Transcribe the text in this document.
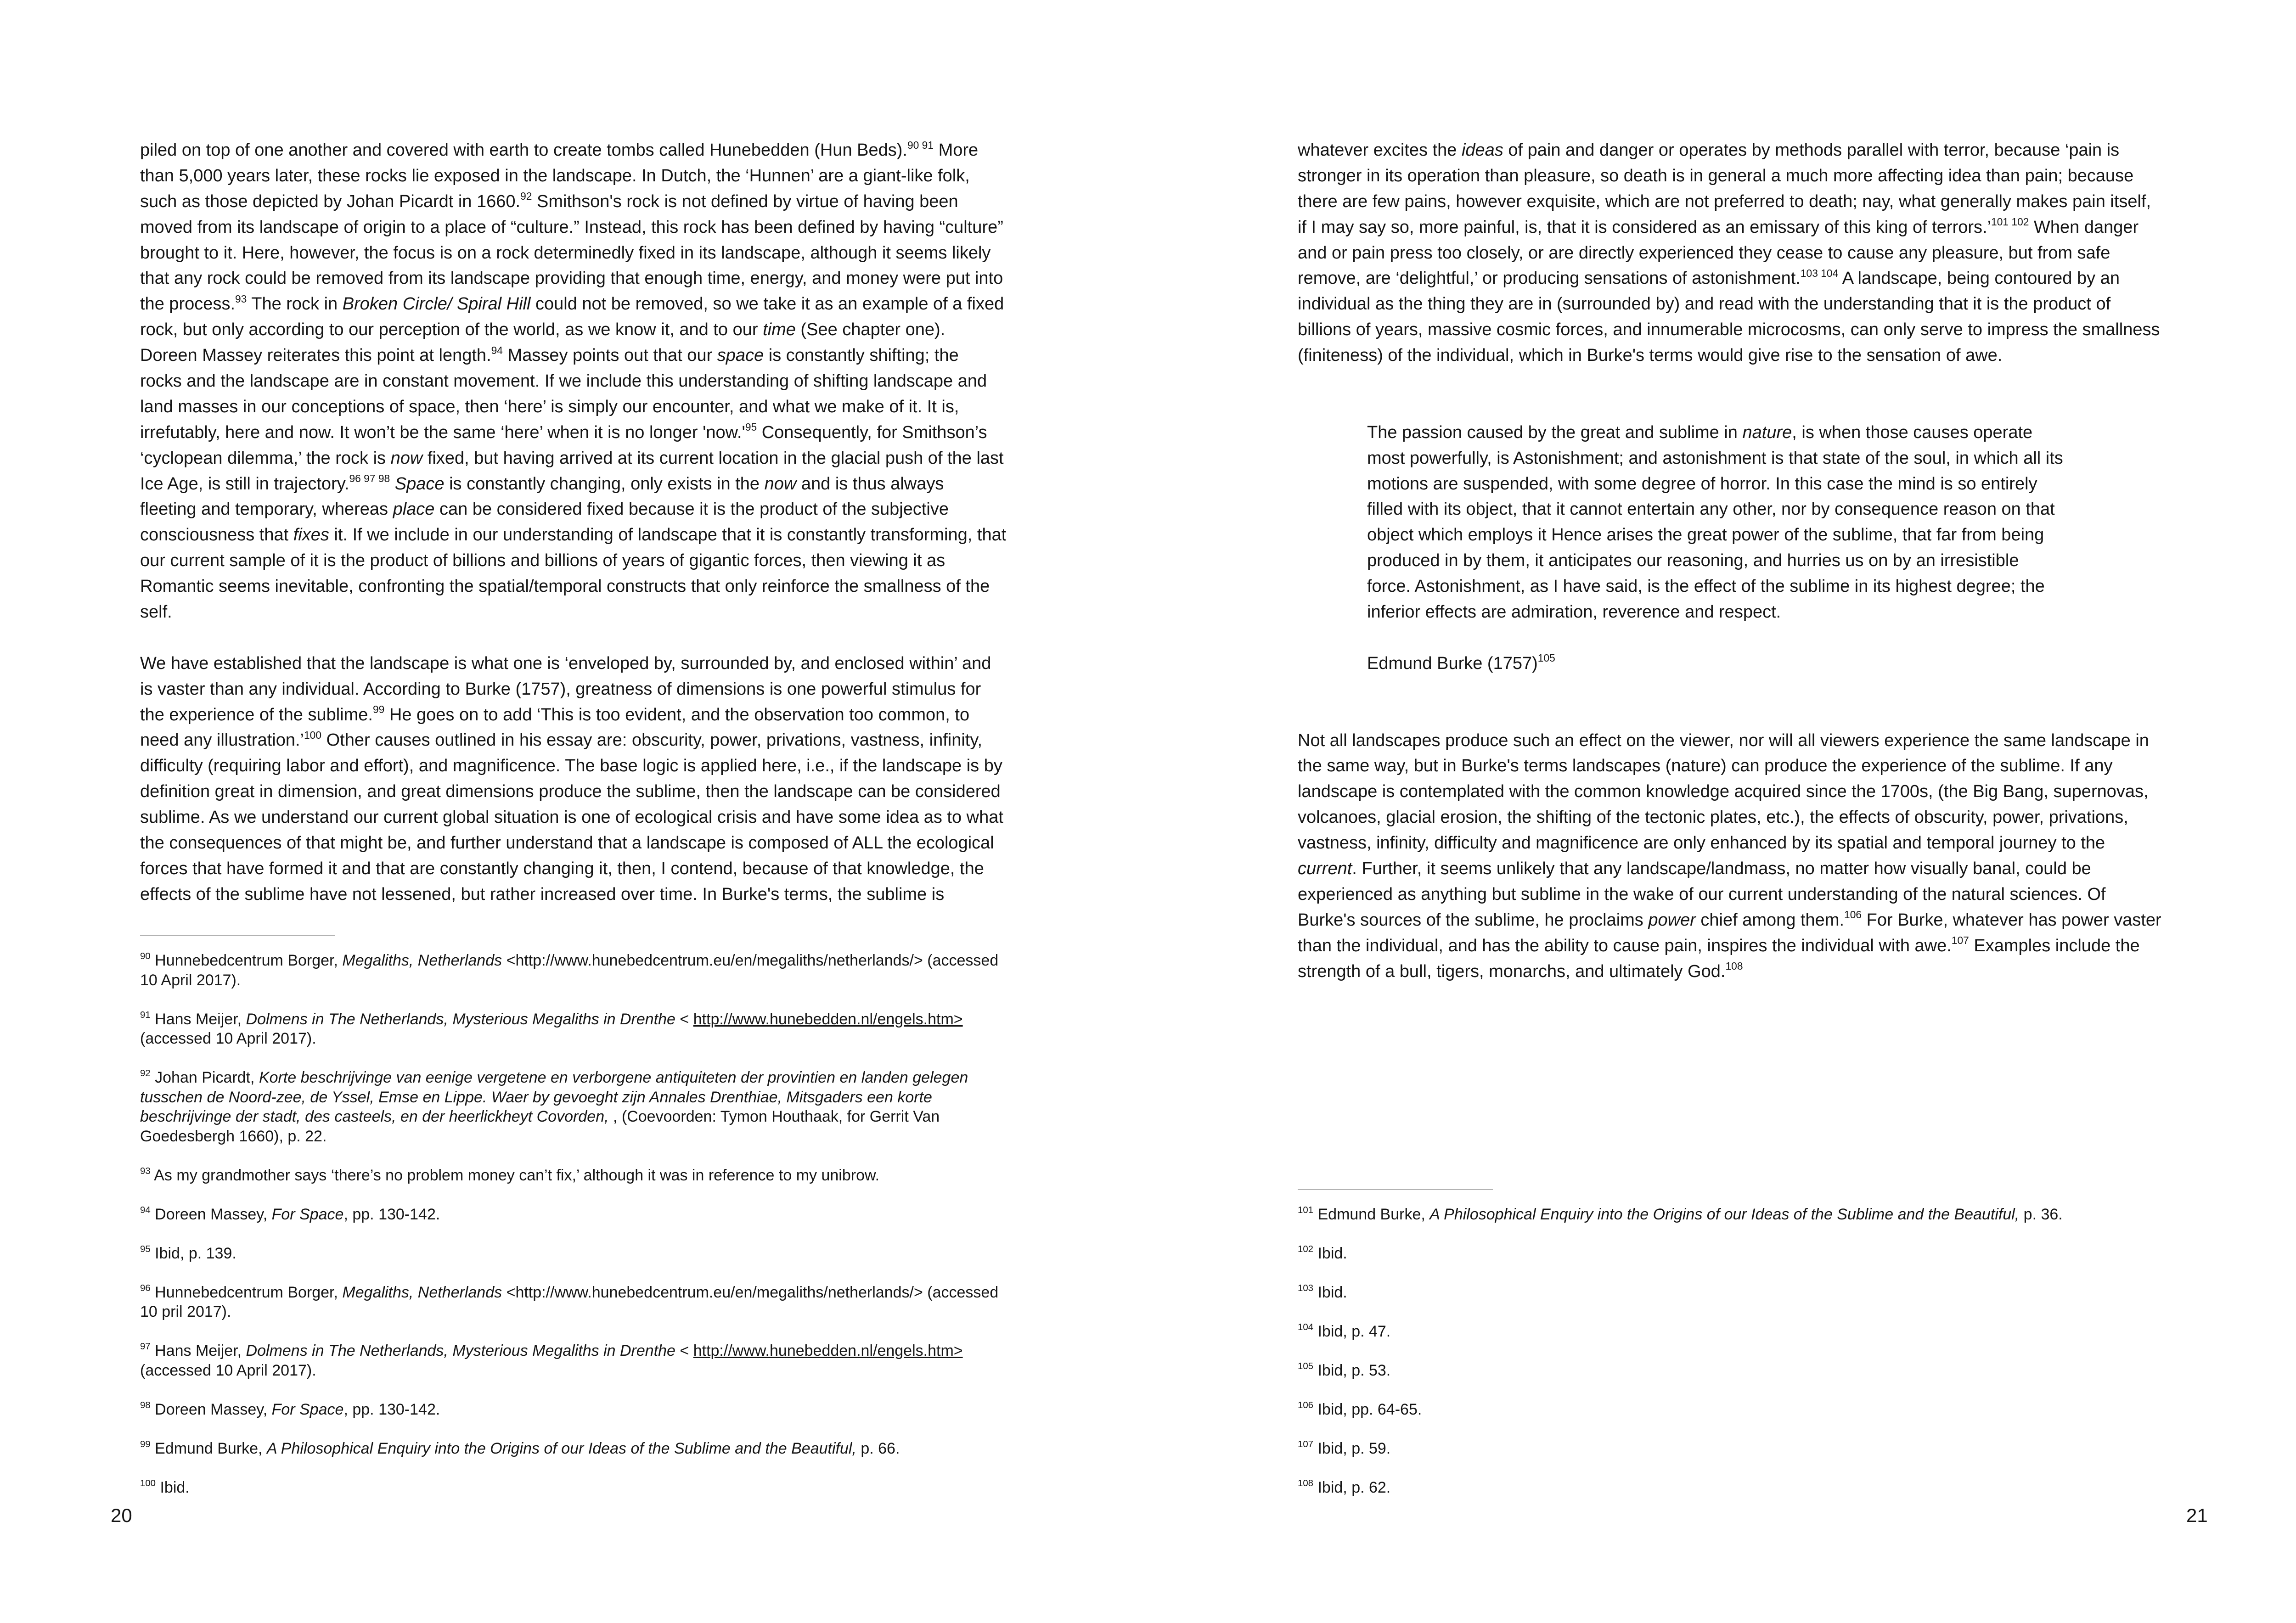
piled on top of one another and covered with earth to create tombs called Hunebedden (Hun Beds).$^{90 91}$ More
than 5,000 years later, these rocks lie exposed in the landscape. In Dutch, the ‘Hunnen’ are a giant-like folk,
such as those depicted by Johan Picardt in 1660.92 Smithson's rock is not defined by virtue of having been
moved from its landscape of origin to a place of “culture.” Instead, this rock has been defined by having “culture”
brought to it. Here, however, the focus is on a rock determinedly fixed in its landscape, although it seems likely
that any rock could be removed from its landscape providing that enough time, energy, and money were put into
the process.$^{93}$ The rock in Broken Circle/ Spiral Hill could not be removed, so we take it as an example of a fixed
rock, but only according to our perception of the world, as we know it, and to our time (See chapter one).
Doreen Massey reiterates this point at length.$^{94}$ Massey points out that our space is constantly shifting; the
rocks and the landscape are in constant movement. If we include this understanding of shifting landscape and
land masses in our conceptions of space, then ‘here’ is simply our encounter, and what we make of it. It is,
irrefutably, here and now. It won’t be the same ‘here’ when it is no longer '$now.'^{95}$ Consequently, for Smithson’s
‘cyclopean dilemma,’ the rock is now fixed, but having arrived at its current location in the glacial push of the last
Ice Age, is still in trajectory.$^{96 97 98}$ Space is constantly changing, only exists in the now and is thus always
fleeting and temporary, whereas place can be considered fixed because it is the product of the subjective
consciousness that fixes it. If we include in our understanding of landscape that it is constantly transforming, that
our current sample of it is the product of billions and billions of years of gigantic forces, then viewing it as
Romantic seems inevitable, confronting the spatial/temporal constructs that only reinforce the smallness of the
self.
We have established that the landscape is what one is ‘enveloped by, surrounded by, and enclosed within’ and
is vaster than any individual. According to Burke (1757), greatness of dimensions is one powerful stimulus for
the experience of the sublime.$^{99}$ He goes on to add ‘This is too evident, and the observation too common, to
need any illustration.’$^{100}$ Other causes outlined in his essay are: obscurity, power, privations, vastness, infinity,
difficulty (requiring labor and effort), and magnificence. The base logic is applied here, i.e., if the landscape is by
definition great in dimension, and great dimensions produce the sublime, then the landscape can be considered
sublime. As we understand our current global situation is one of ecological crisis and have some idea as to what
the consequences of that might be, and further understand that a landscape is composed of ALL the ecological
forces that have formed it and that are constantly changing it, then, I contend, because of that knowledge, the
effects of the sublime have not lessened, but rather increased over time. In Burke's terms, the sublime is
$^{90}$ Hunnebedcentrum Borger, Megaliths, Netherlands <http://www.hunebedcentrum.eu/en/megaliths/netherlands/> (accessed
10 April 2017).
$^{91}$ Hans Meijer, Dolmens in The Netherlands, Mysterious Megaliths in Drenthe < http://www.hunebedden.nl/engels.htm>
(accessed 10 April 2017).
$^{92}$ Johan Picardt, Korte beschrijvinge van eenige vergetene en verborgene antiquiteten der provintien en landen gelegen
tusschen de Noord-zee, de Yssel, Emse en Lippe. Waer by gevoeght zijn Annales Drenthiae, Mitsgaders een korte
beschrijvinge der stadt, des casteels, en der heerlickheyt Covorden, , (Coevoorden: Tymon Houthaak, for Gerrit Van
Goedesbergh 1660), p. 22.
$^{93}$ As my grandmother says ‘there’s no problem money can’t fix,’ although it was in reference to my unibrow.
$^{94}$ Doreen Massey, For Space, pp. 130-142.
$^{95}$ Ibid, p. 139.
$^{96}$ Hunnebedcentrum Borger, Megaliths, Netherlands <http://www.hunebedcentrum.eu/en/megaliths/netherlands/> (accessed
10 pril 2017).
$^{97}$ Hans Meijer, Dolmens in The Netherlands, Mysterious Megaliths in Drenthe < http://www.hunebedden.nl/engels.htm>
(accessed 10 April 2017).
$^{98}$ Doreen Massey, For Space, pp. 130-142.
$^{99}$ Edmund Burke, A Philosophical Enquiry into the Origins of our Ideas of the Sublime and the Beautiful, p. 66.
$^{100}$ Ibid.
20
whatever excites the ideas of pain and danger or operates by methods parallel with terror, because ‘pain is
stronger in its operation than pleasure, so death is in general a much more affecting idea than pain; because
there are few pains, however exquisite, which are not preferred to death; nay, what generally makes pain itself,
if I may say so, more painful, is, that it is considered as an emissary of this king of terrors.’$^{101 102}$ When danger
and or pain press too closely, or are directly experienced they cease to cause any pleasure, but from safe
remove, are ‘delightful,’ or producing sensations of astonishment.$^{103 104}$ A landscape, being contoured by an
individual as the thing they are in (surrounded by) and read with the understanding that it is the product of
billions of years, massive cosmic forces, and innumerable microcosms, can only serve to impress the smallness
(finiteness) of the individual, which in Burke's terms would give rise to the sensation of awe.
The passion caused by the great and sublime in nature, is when those causes operate
most powerfully, is Astonishment; and astonishment is that state of the soul, in which all its
motions are suspended, with some degree of horror. In this case the mind is so entirely
filled with its object, that it cannot entertain any other, nor by consequence reason on that
object which employs it Hence arises the great power of the sublime, that far from being
produced in by them, it anticipates our reasoning, and hurries us on by an irresistible
force. Astonishment, as I have said, is the effect of the sublime in its highest degree; the
inferior effects are admiration, reverence and respect.
Edmund Burke $(1757)^{105}$
Not all landscapes produce such an effect on the viewer, nor will all viewers experience the same landscape in
the same way, but in Burke's terms landscapes (nature) can produce the experience of the sublime. If any
landscape is contemplated with the common knowledge acquired since the 1700s, (the Big Bang, supernovas,
volcanoes, glacial erosion, the shifting of the tectonic plates, etc.), the effects of obscurity, power, privations,
vastness, infinity, difficulty and magnificence are only enhanced by its spatial and temporal journey to the
current. Further, it seems unlikely that any landscape/landmass, no matter how visually banal, could be
experienced as anything but sublime in the wake of our current understanding of the natural sciences. Of
Burke's sources of the sublime, he proclaims power chief among them.$^{106}$ For Burke, whatever has power vaster
than the individual, and has the ability to cause pain, inspires the individual with awe.$^{107}$ Examples include the
strength of a bull, tigers, monarchs, and ultimately God.$^{108}$
$^{101}$ Edmund Burke, A Philosophical Enquiry into the Origins of our Ideas of the Sublime and the Beautiful, p. 36.
$^{102}$ Ibid.
$^{103}$ Ibid.
$^{104}$ Ibid, p. 47.
$^{105}$ Ibid, p. 53.
$^{106}$ Ibid, pp. 64-65.
$^{107}$ Ibid, p. 59.
$^{108}$ Ibid, p. 62.
21
